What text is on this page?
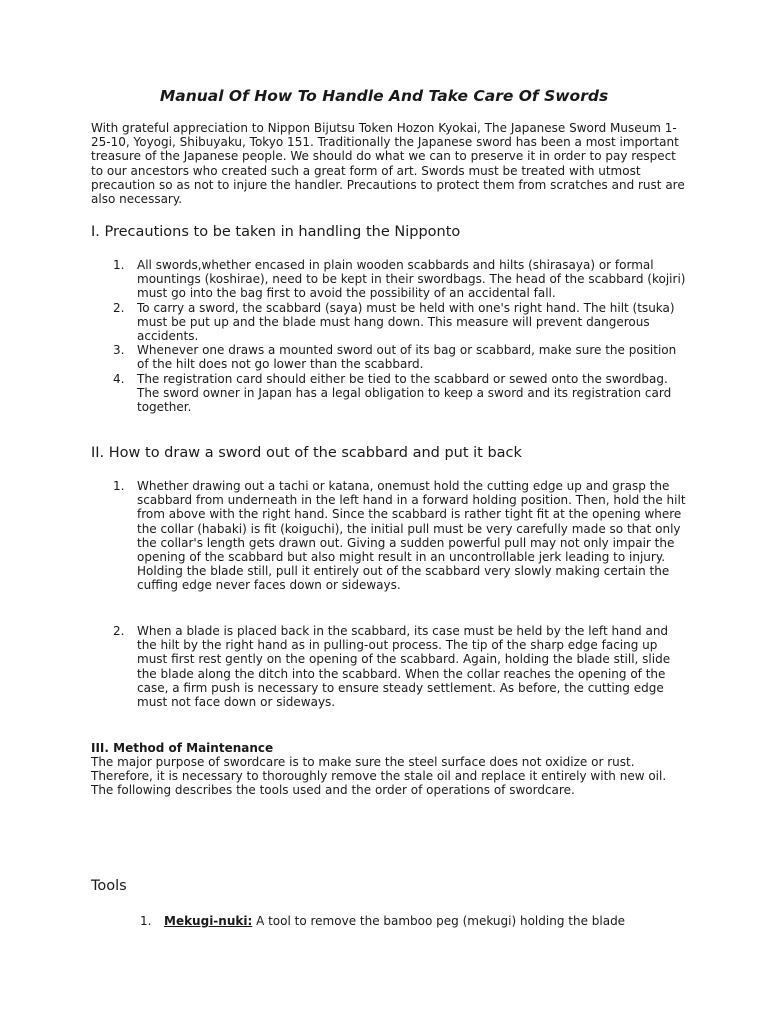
Manual Of How To Handle And Take Care Of Swords

With grateful appreciation to Nippon Bijutsu Token Hozon Kyokai, The Japanese Sword Museum 1-25-10, Yoyogi, Shibuyaku, Tokyo 151. Traditionally the Japanese sword has been a most important treasure of the Japanese people. We should do what we can to preserve it in order to pay respect to our ancestors who created such a great form of art. Swords must be treated with utmost precaution so as not to injure the handler. Precautions to protect them from scratches and rust are also necessary.

I. Precautions to be taken in handling the Nipponto
1. All swords,whether encased in plain wooden scabbards and hilts (shirasaya) or formal mountings (koshirae), need to be kept in their swordbags. The head of the scabbard (kojiri) must go into the bag first to avoid the possibility of an accidental fall.
2. To carry a sword, the scabbard (saya) must be held with one's right hand. The hilt (tsuka) must be put up and the blade must hang down. This measure will prevent dangerous accidents.
3. Whenever one draws a mounted sword out of its bag or scabbard, make sure the position of the hilt does not go lower than the scabbard.
4. The registration card should either be tied to the scabbard or sewed onto the swordbag. The sword owner in Japan has a legal obligation to keep a sword and its registration card together.
II. How to draw a sword out of the scabbard and put it back
1. Whether drawing out a tachi or katana, onemust hold the cutting edge up and grasp the scabbard from underneath in the left hand in a forward holding position. Then, hold the hilt from above with the right hand. Since the scabbard is rather tight fit at the opening where the collar (habaki) is fit (koiguchi), the initial pull must be very carefully made so that only the collar's length gets drawn out. Giving a sudden powerful pull may not only impair the opening of the scabbard but also might result in an uncontrollable jerk leading to injury. Holding the blade still, pull it entirely out of the scabbard very slowly making certain the cuffing edge never faces down or sideways.
2. When a blade is placed back in the scabbard, its case must be held by the left hand and the hilt by the right hand as in pulling-out process. The tip of the sharp edge facing up must first rest gently on the opening of the scabbard. Again, holding the blade still, slide the blade along the ditch into the scabbard. When the collar reaches the opening of the case, a firm push is necessary to ensure steady settlement. As before, the cutting edge must not face down or sideways.
III. Method of Maintenance

The major purpose of swordcare is to make sure the steel surface does not oxidize or rust. Therefore, it is necessary to thoroughly remove the stale oil and replace it entirely with new oil. The following describes the tools used and the order of operations of swordcare.

Tools
1. Mekugi-nuki: A tool to remove the bamboo peg (mekugi) holding the blade
